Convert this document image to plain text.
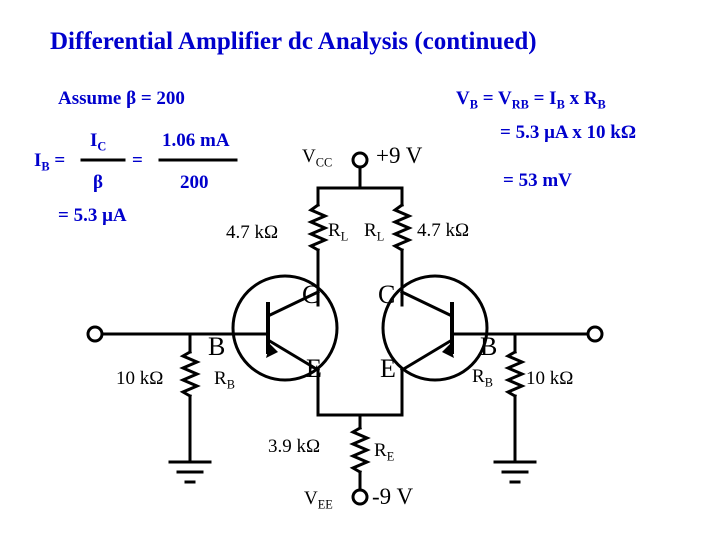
Differential Amplifier dc Analysis (continued)
Assume β = 200
$I_B$ =
$I_C$
β
=
1.06 mA
200
= 5.3 μA
$V_B = V_{RB} = I_B$ x $R_B$
= 5.3 μA x 10 kΩ
= 53 mV
$V_{CC} +9$ V
4.7 kΩ	$R_L$ $R_L$ 4.7 kΩ
C C
B	B
E E
10 kΩ	$R_B$	$R_B$ 10 kΩ
3.9 kΩ	$R_E$
$V_{EE}$ -9 V
